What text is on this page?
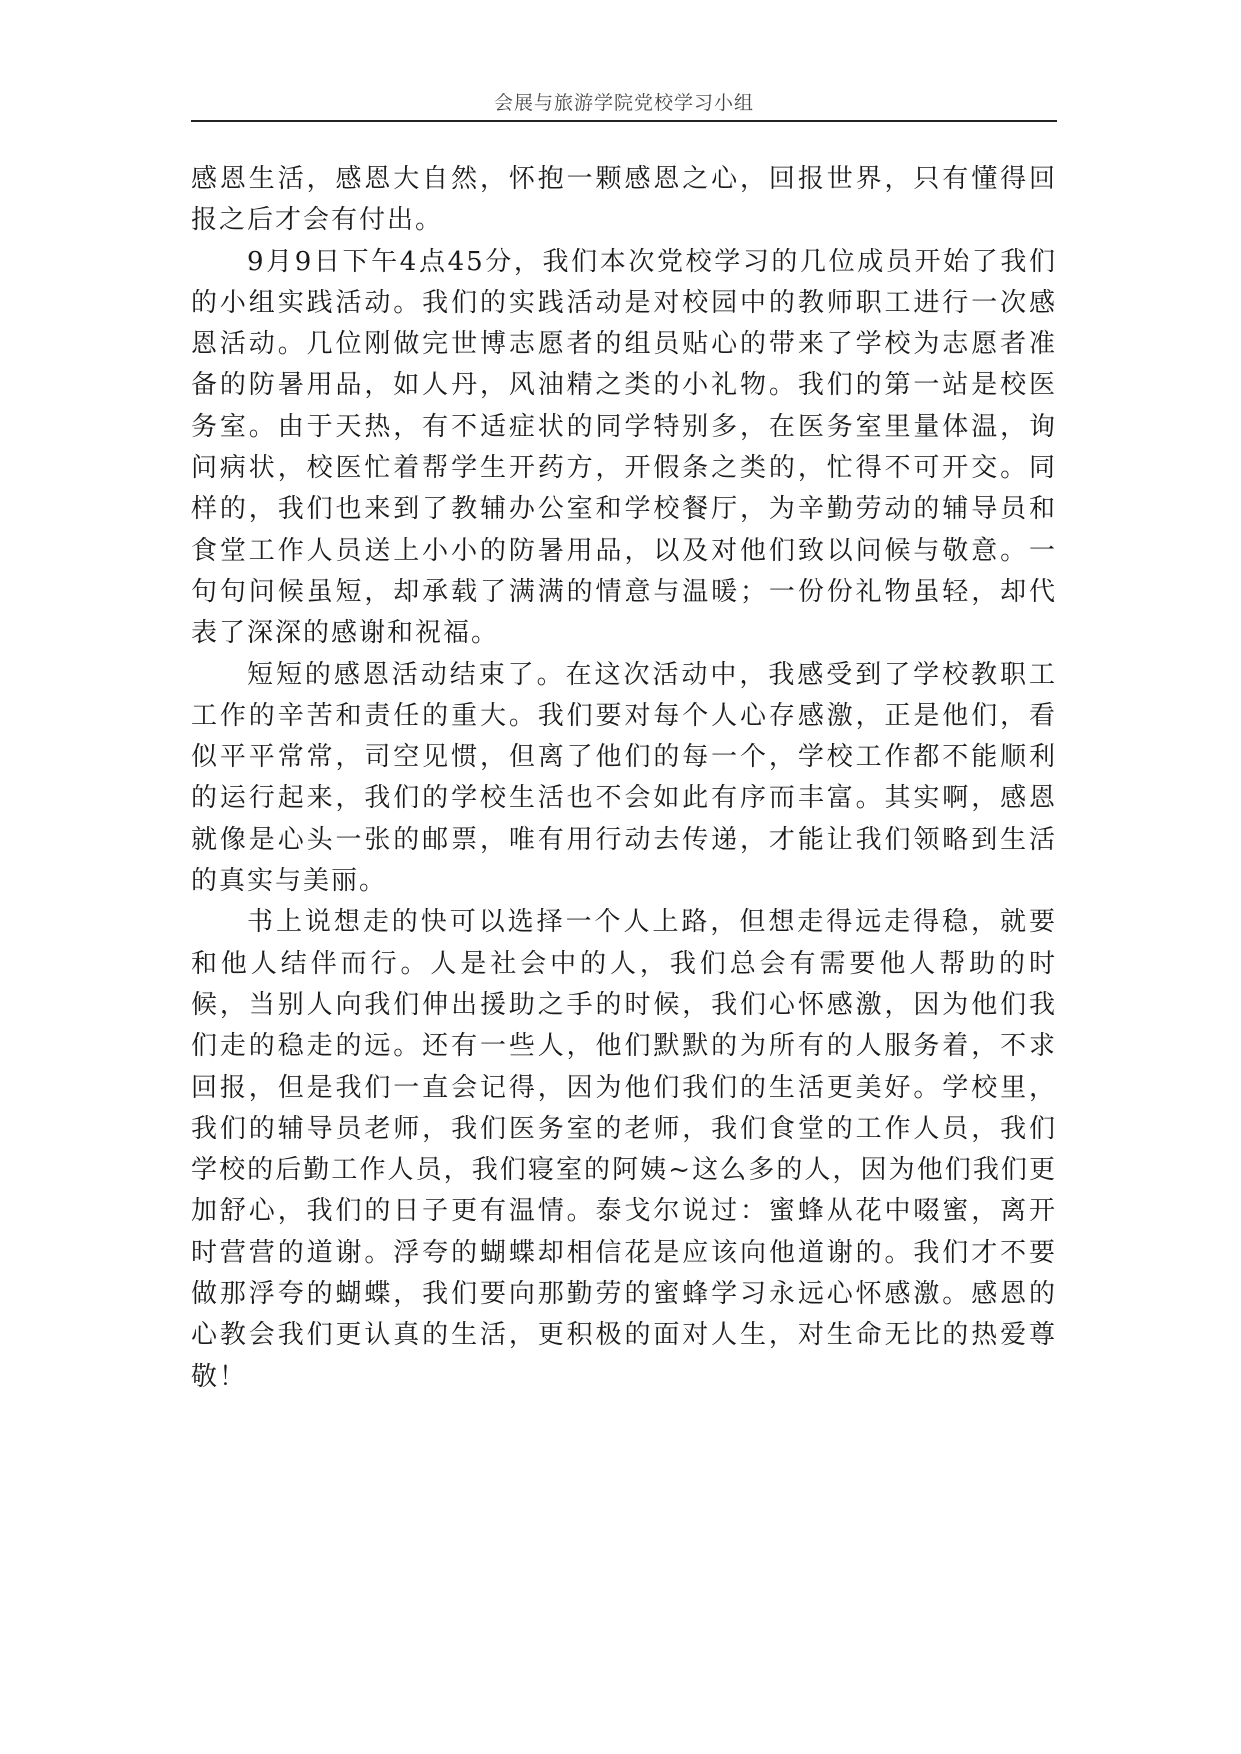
会展与旅游学院党校学习小组

感恩生活，感恩大自然，怀抱一颗感恩之心，回报世界，只有懂得回报之后才会有付出。

9月9日下午4点45分，我们本次党校学习的几位成员开始了我们的小组实践活动。我们的实践活动是对校园中的教师职工进行一次感恩活动。几位刚做完世博志愿者的组员贴心的带来了学校为志愿者准备的防暑用品，如人丹，风油精之类的小礼物。我们的第一站是校医务室。由于天热，有不适症状的同学特别多，在医务室里量体温，询问病状，校医忙着帮学生开药方，开假条之类的，忙得不可开交。同样的，我们也来到了教辅办公室和学校餐厅，为辛勤劳动的辅导员和食堂工作人员送上小小的防暑用品，以及对他们致以问候与敬意。一句句问候虽短，却承载了满满的情意与温暖；一份份礼物虽轻，却代表了深深的感谢和祝福。

短短的感恩活动结束了。在这次活动中，我感受到了学校教职工工作的辛苦和责任的重大。我们要对每个人心存感激，正是他们，看似平平常常，司空见惯，但离了他们的每一个，学校工作都不能顺利的运行起来，我们的学校生活也不会如此有序而丰富。其实啊，感恩就像是心头一张的邮票，唯有用行动去传递，才能让我们领略到生活的真实与美丽。

书上说想走的快可以选择一个人上路，但想走得远走得稳，就要和他人结伴而行。人是社会中的人，我们总会有需要他人帮助的时候，当别人向我们伸出援助之手的时候，我们心怀感激，因为他们我们走的稳走的远。还有一些人，他们默默的为所有的人服务着，不求回报，但是我们一直会记得，因为他们我们的生活更美好。学校里，我们的辅导员老师，我们医务室的老师，我们食堂的工作人员，我们学校的后勤工作人员，我们寝室的阿姨~这么多的人，因为他们我们更加舒心，我们的日子更有温情。泰戈尔说过：蜜蜂从花中啜蜜，离开时营营的道谢。浮夸的蝴蝶却相信花是应该向他道谢的。我们才不要做那浮夸的蝴蝶，我们要向那勤劳的蜜蜂学习永远心怀感激。感恩的心教会我们更认真的生活，更积极的面对人生，对生命无比的热爱尊敬！
